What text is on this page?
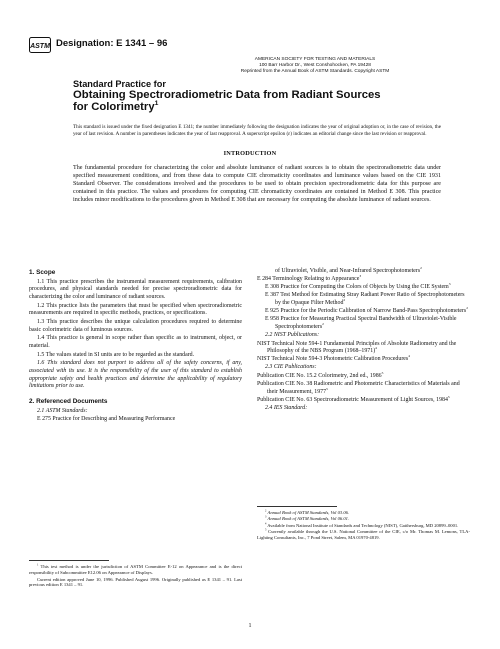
ASTM Designation: E 1341 – 96
AMERICAN SOCIETY FOR TESTING AND MATERIALS
100 Barr Harbor Dr., West Conshohocken, PA 19428
Reprinted from the Annual Book of ASTM Standards. Copyright ASTM
Standard Practice for
Obtaining Spectroradiometric Data from Radiant Sources
for Colorimetry$^1$
This standard is issued under the fixed designation E 1341; the number immediately following the designation indicates the year of original adoption or, in the case of revision, the year of last revision. A number in parentheses indicates the year of last reapproval. A superscript epsilon (ε) indicates an editorial change since the last revision or reapproval.
INTRODUCTION
The fundamental procedure for characterizing the color and absolute luminance of radiant sources is to obtain the spectroradiometric data under specified measurement conditions, and from these data to compute CIE chromaticity coordinates and luminance values based on the CIE 1931 Standard Observer. The considerations involved and the procedures to be used to obtain precision spectroradiometric data for this purpose are contained in this practice. The values and procedures for computing CIE chromaticity coordinates are contained in Method E 308. This practice includes minor modifications to the procedures given in Method E 308 that are necessary for computing the absolute luminance of radiant sources.
1. Scope

1.1 This practice prescribes the instrumental measurement requirements, calibration procedures, and physical standards needed for precise spectroradiometric data for characterizing the color and luminance of radiant sources.

1.2 This practice lists the parameters that must be specified when spectroradiometric measurements are required in specific methods, practices, or specifications.

1.3 This practice describes the unique calculation procedures required to determine basic colorimetric data of luminous sources.

1.4 This practice is general in scope rather than specific as to instrument, object, or material.

1.5 The values stated in SI units are to be regarded as the standard.

1.6 This standard does not purport to address all of the safety concerns, if any, associated with its use. It is the responsibility of the user of this standard to establish appropriate safety and health practices and determine the applicability of regulatory limitations prior to use.

2. Referenced Documents

2.1 ASTM Standards:

E 275 Practice for Describing and Measuring Performance

of Ultraviolet, Visible, and Near-Infrared Spectrophotometers$^2$

E 284 Terminology Relating to Appearance$^3$

E 308 Practice for Computing the Colors of Objects by Using the CIE System$^3$

E 387 Test Method for Estimating Stray Radiant Power Ratio of Spectrophotometers by the Opaque Filter Method$^2$

E 925 Practice for the Periodic Calibration of Narrow Band-Pass Spectrophotometers$^2$

E 958 Practice for Measuring Practical Spectral Bandwidth of Ultraviolet-Visible Spectrophotometers$^2$

2.2 NIST Publications:

NIST Technical Note 594-1 Fundamental Principles of Absolute Radiometry and the Philosophy of the NBS Program (1968–1971)$^4$

NIST Technical Note 594-3 Photometric Calibration Procedures$^4$

2.3 CIE Publications:

Publication CIE No. 15.2 Colorimetry, 2nd ed., 1986$^5$

Publication CIE No. 38 Radiometric and Photometric Characteristics of Materials and their Measurement, 1977$^5$

Publication CIE No. 63 Spectroradiometric Measurement of Light Sources, 1984$^5$

2.4 IES Standard:

$^1$ This test method is under the jurisdiction of ASTM Committee E-12 on Appearance and is the direct responsibility of Subcommittee E12.06 on Appearance of Displays.

Current edition approved June 10, 1996. Published August 1996. Originally published as E 1341 – 91. Last previous edition E 1341 – 91.

$^2$ Annual Book of ASTM Standards, Vol 03.06.

$^3$ Annual Book of ASTM Standards, Vol 06.01.

$^4$ Available from National Institute of Standards and Technology (NIST), Gaithersburg, MD 20899–0001.

$^5$ Currently available through the U.S. National Committee of the CIE, c/o Mr. Thomas M. Lemons, TLA-Lighting Consultants, Inc., 7 Pond Street, Salem, MA 01970-4819.

1
